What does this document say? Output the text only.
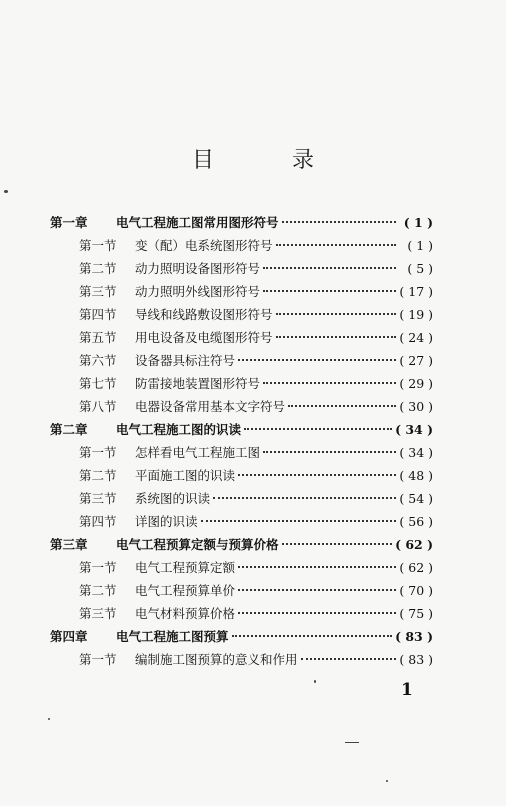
目　录
第一章	电气工程施工图常用图形符号	( 1 )
第一节	变（配）电系统图形符号	( 1 )
第二节	动力照明设备图形符号	( 5 )
第三节	动力照明外线图形符号	( 17 )
第四节	导线和线路敷设图形符号	( 19 )
第五节	用电设备及电缆图形符号	( 24 )
第六节	设备器具标注符号	( 27 )
第七节	防雷接地装置图形符号	( 29 )
第八节	电器设备常用基本文字符号	( 30 )
第二章	电气工程施工图的识读	( 34 )
第一节	怎样看电气工程施工图	( 34 )
第二节	平面施工图的识读	( 48 )
第三节	系统图的识读	( 54 )
第四节	详图的识读	( 56 )
第三章	电气工程预算定额与预算价格	( 62 )
第一节	电气工程预算定额	( 62 )
第二节	电气工程预算单价	( 70 )
第三节	电气材料预算价格	( 75 )
第四章	电气工程施工图预算	( 83 )
第一节	编制施工图预算的意义和作用	( 83 )
1
